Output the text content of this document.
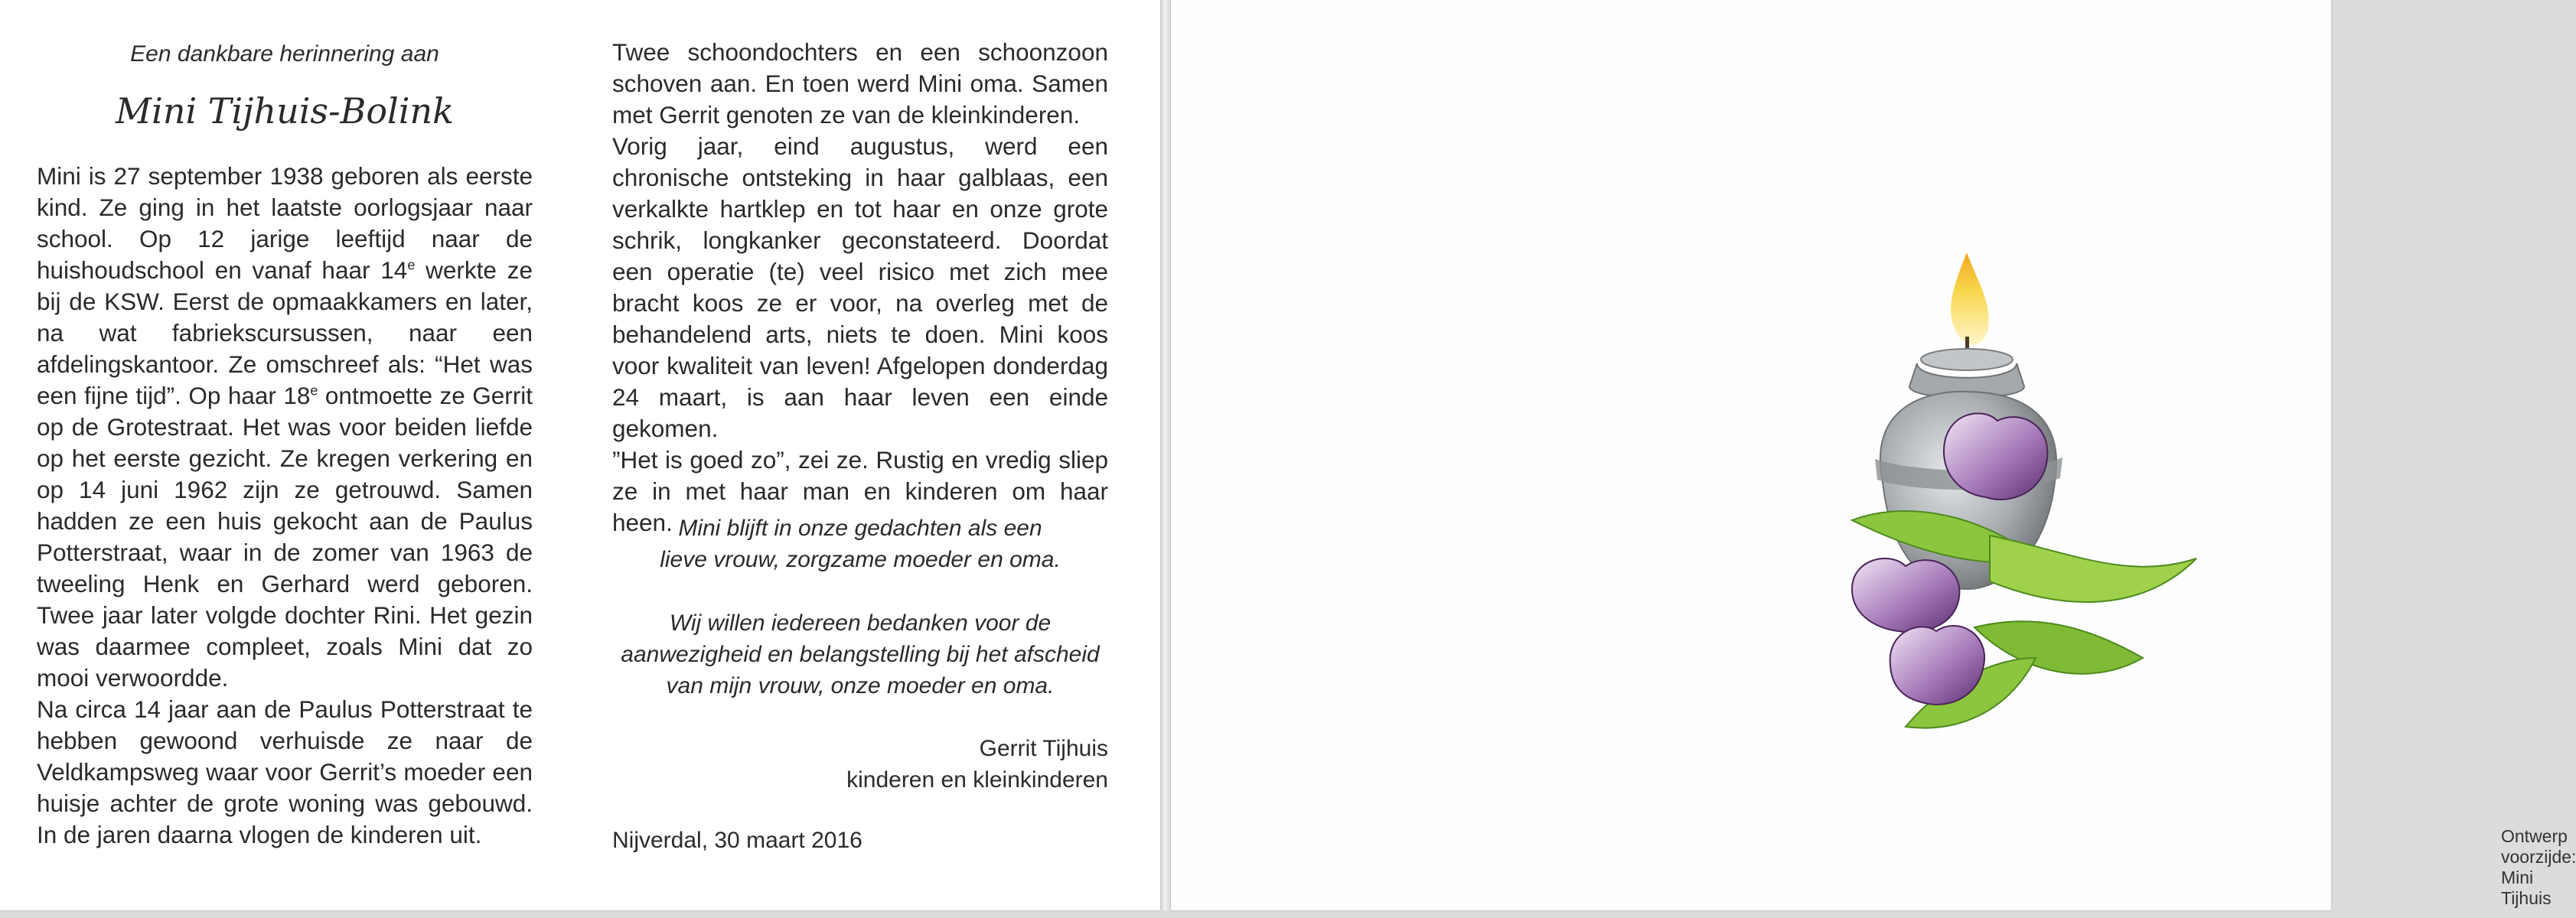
Een dankbare herinnering aan
Mini Tijhuis-Bolink

Mini is 27 september 1938 geboren als eerste kind. Ze ging in het laatste oorlogsjaar naar school. Op 12 jarige leeftijd naar de huishoudschool en vanaf haar 14e werkte ze bij de KSW. Eerst de opmaakkamers en later, na wat fabriekscursussen, naar een afdelingskantoor. Ze omschreef als: “Het was een fijne tijd”. Op haar 18e ontmoette ze Gerrit op de Grotestraat. Het was voor beiden liefde op het eerste gezicht. Ze kregen verkering en op 14 juni 1962 zijn ze getrouwd. Samen hadden ze een huis gekocht aan de Paulus Potterstraat, waar in de zomer van 1963 de tweeling Henk en Gerhard werd geboren. Twee jaar later volgde dochter Rini. Het gezin was daarmee compleet, zoals Mini dat zo mooi verwoordde.

Na circa 14 jaar aan de Paulus Potterstraat te hebben gewoond verhuisde ze naar de Veldkampsweg waar voor Gerrit’s moeder een huisje achter de grote woning was gebouwd. In de jaren daarna vlogen de kinderen uit.

Twee schoondochters en een schoonzoon schoven aan. En toen werd Mini oma. Samen met Gerrit genoten ze van de kleinkinderen.

Vorig jaar, eind augustus, werd een chronische ontsteking in haar galblaas, een verkalkte hartklep en tot haar en onze grote schrik, longkanker geconstateerd. Doordat een operatie (te) veel risico met zich mee bracht koos ze er voor, na overleg met de behandelend arts, niets te doen. Mini koos voor kwaliteit van leven! Afgelopen donderdag 24 maart, is aan haar leven een einde gekomen.

”Het is goed zo”, zei ze. Rustig en vredig sliep ze in met haar man en kinderen om haar heen. Mini blijft in onze gedachten als een
lieve vrouw, zorgzame moeder en oma.
Wij willen iedereen bedanken voor de
aanwezigheid en belangstelling bij het afscheid
van mijn vrouw, onze moeder en oma.
Gerrit Tijhuis
kinderen en kleinkinderen
Nijverdal, 30 maart 2016	Ontwerp voorzijde: Mini Tijhuis
